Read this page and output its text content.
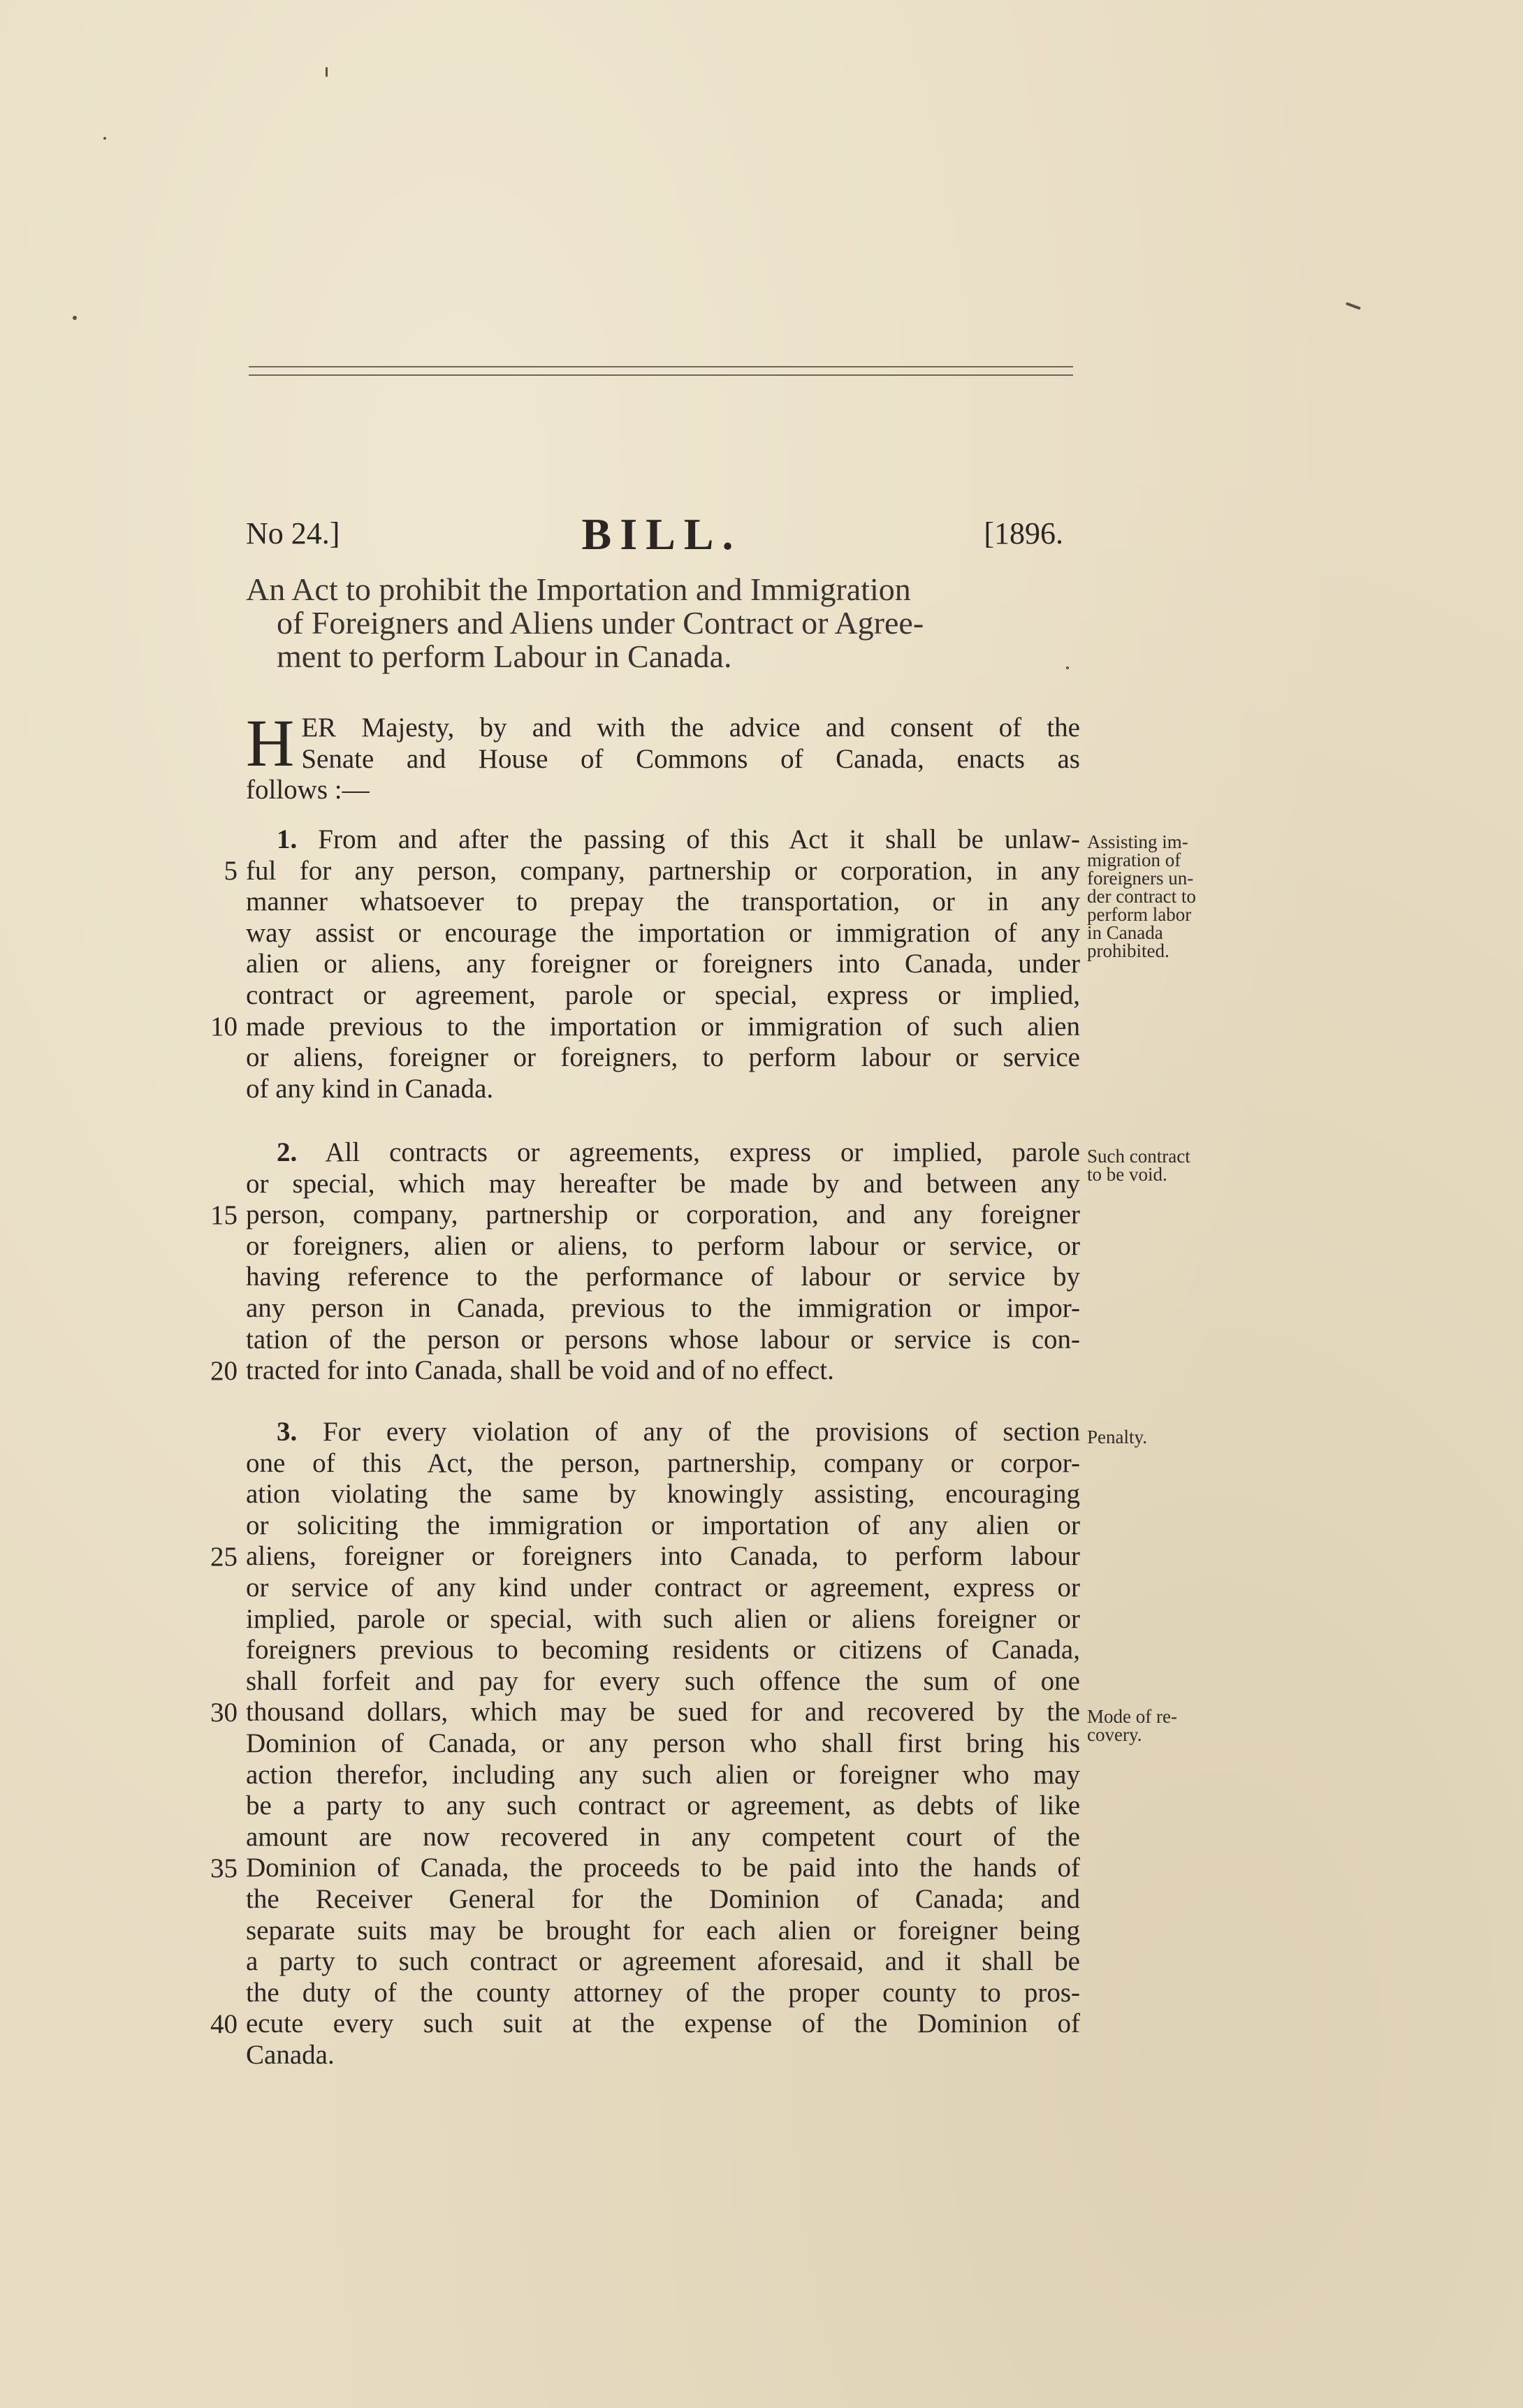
No 24.]	BILL.	[1896.
An Act to prohibit the Importation and Immigration
of Foreigners and Aliens under Contract or Agree-
ment to perform Labour in Canada.
H ER Majesty, by and with the advice and consent of the
Senate and House of Commons of Canada, enacts as
follows :—
1. From and after the passing of this Act it shall be unlaw-
ful for any person, company, partnership or corporation, in any
manner whatsoever to prepay the transportation, or in any
way assist or encourage the importation or immigration of any
alien or aliens, any foreigner or foreigners into Canada, under
contract or agreement, parole or special, express or implied,
made previous to the importation or immigration of such alien
or aliens, foreigner or foreigners, to perform labour or service
of any kind in Canada.
2. All contracts or agreements, express or implied, parole
or special, which may hereafter be made by and between any
person, company, partnership or corporation, and any foreigner
or foreigners, alien or aliens, to perform labour or service, or
having reference to the performance of labour or service by
any person in Canada, previous to the immigration or impor-
tation of the person or persons whose labour or service is con-
tracted for into Canada, shall be void and of no effect.
3. For every violation of any of the provisions of section
one of this Act, the person, partnership, company or corpor-
ation violating the same by knowingly assisting, encouraging
or soliciting the immigration or importation of any alien or
aliens, foreigner or foreigners into Canada, to perform labour
or service of any kind under contract or agreement, express or
implied, parole or special, with such alien or aliens foreigner or
foreigners previous to becoming residents or citizens of Canada,
shall forfeit and pay for every such offence the sum of one
thousand dollars, which may be sued for and recovered by the
Dominion of Canada, or any person who shall first bring his
action therefor, including any such alien or foreigner who may
be a party to any such contract or agreement, as debts of like
amount are now recovered in any competent court of the
Dominion of Canada, the proceeds to be paid into the hands of
the Receiver General for the Dominion of Canada; and
separate suits may be brought for each alien or foreigner being
a party to such contract or agreement aforesaid, and it shall be
the duty of the county attorney of the proper county to pros-
ecute every such suit at the expense of the Dominion of
Canada.
5
10
15
20
25
30
35
40
Assisting im-
migration of
foreigners un-
der contract to
perform labor
in Canada
prohibited.
Such contract
to be void.
Penalty.
Mode of re-
covery.
